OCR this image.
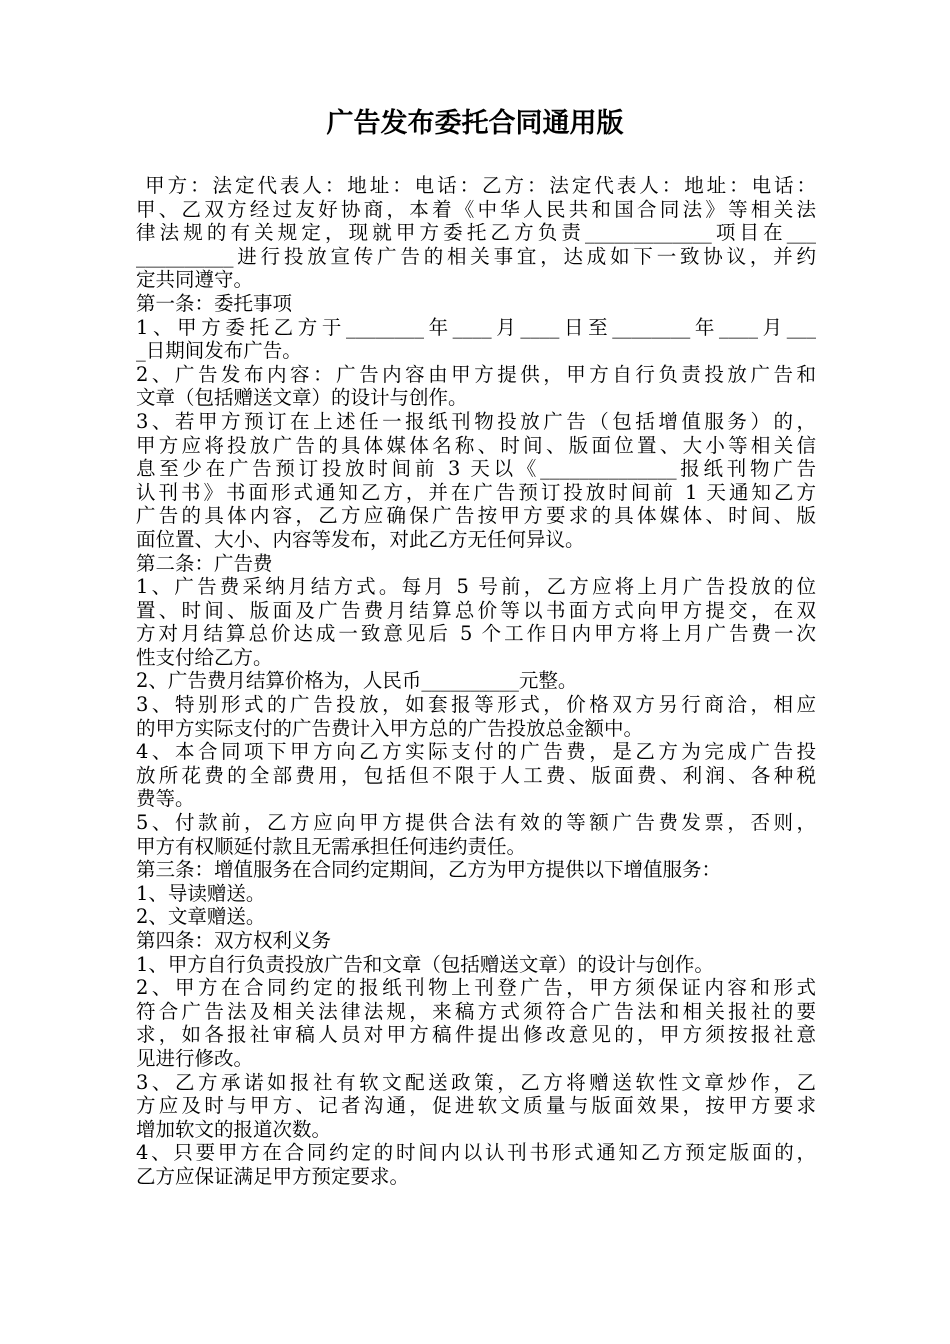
广告发布委托合同通用版
甲方：法定代表人：地址：电话：乙方：法定代表人：地址：电话：
甲、乙双方经过友好协商，本着《中华人民共和国合同法》等相关法
律法规的有关规定，现就甲方委托乙方负责_____________项目在___
__________进行投放宣传广告的相关事宜，达成如下一致协议，并约
定共同遵守。
第一条：委托事项
1、甲方委托乙方于________年____月____日至________年____月___
_日期间发布广告。
2、广告发布内容：广告内容由甲方提供，甲方自行负责投放广告和
文章（包括赠送文章）的设计与创作。
3、若甲方预订在上述任一报纸刊物投放广告（包括增值服务）的，
甲方应将投放广告的具体媒体名称、时间、版面位置、大小等相关信
息至少在广告预订投放时间前 3 天以《______________报纸刊物广告
认刊书》书面形式通知乙方，并在广告预订投放时间前 1 天通知乙方
广告的具体内容，乙方应确保广告按甲方要求的具体媒体、时间、版
面位置、大小、内容等发布，对此乙方无任何异议。
第二条：广告费
1、广告费采纳月结方式。每月 5 号前，乙方应将上月广告投放的位
置、时间、版面及广告费月结算总价等以书面方式向甲方提交，在双
方对月结算总价达成一致意见后 5 个工作日内甲方将上月广告费一次
性支付给乙方。
2、广告费月结算价格为，人民币__________元整。
3、特别形式的广告投放，如套报等形式，价格双方另行商洽，相应
的甲方实际支付的广告费计入甲方总的广告投放总金额中。
4、本合同项下甲方向乙方实际支付的广告费，是乙方为完成广告投
放所花费的全部费用，包括但不限于人工费、版面费、利润、各种税
费等。
5、付款前，乙方应向甲方提供合法有效的等额广告费发票，否则，
甲方有权顺延付款且无需承担任何违约责任。
第三条：增值服务在合同约定期间，乙方为甲方提供以下增值服务：
1、导读赠送。
2、文章赠送。
第四条：双方权利义务
1、甲方自行负责投放广告和文章（包括赠送文章）的设计与创作。
2、甲方在合同约定的报纸刊物上刊登广告，甲方须保证内容和形式
符合广告法及相关法律法规，来稿方式须符合广告法和相关报社的要
求，如各报社审稿人员对甲方稿件提出修改意见的，甲方须按报社意
见进行修改。
3、乙方承诺如报社有软文配送政策，乙方将赠送软性文章炒作，乙
方应及时与甲方、记者沟通，促进软文质量与版面效果，按甲方要求
增加软文的报道次数。
4、只要甲方在合同约定的时间内以认刊书形式通知乙方预定版面的，
乙方应保证满足甲方预定要求。
